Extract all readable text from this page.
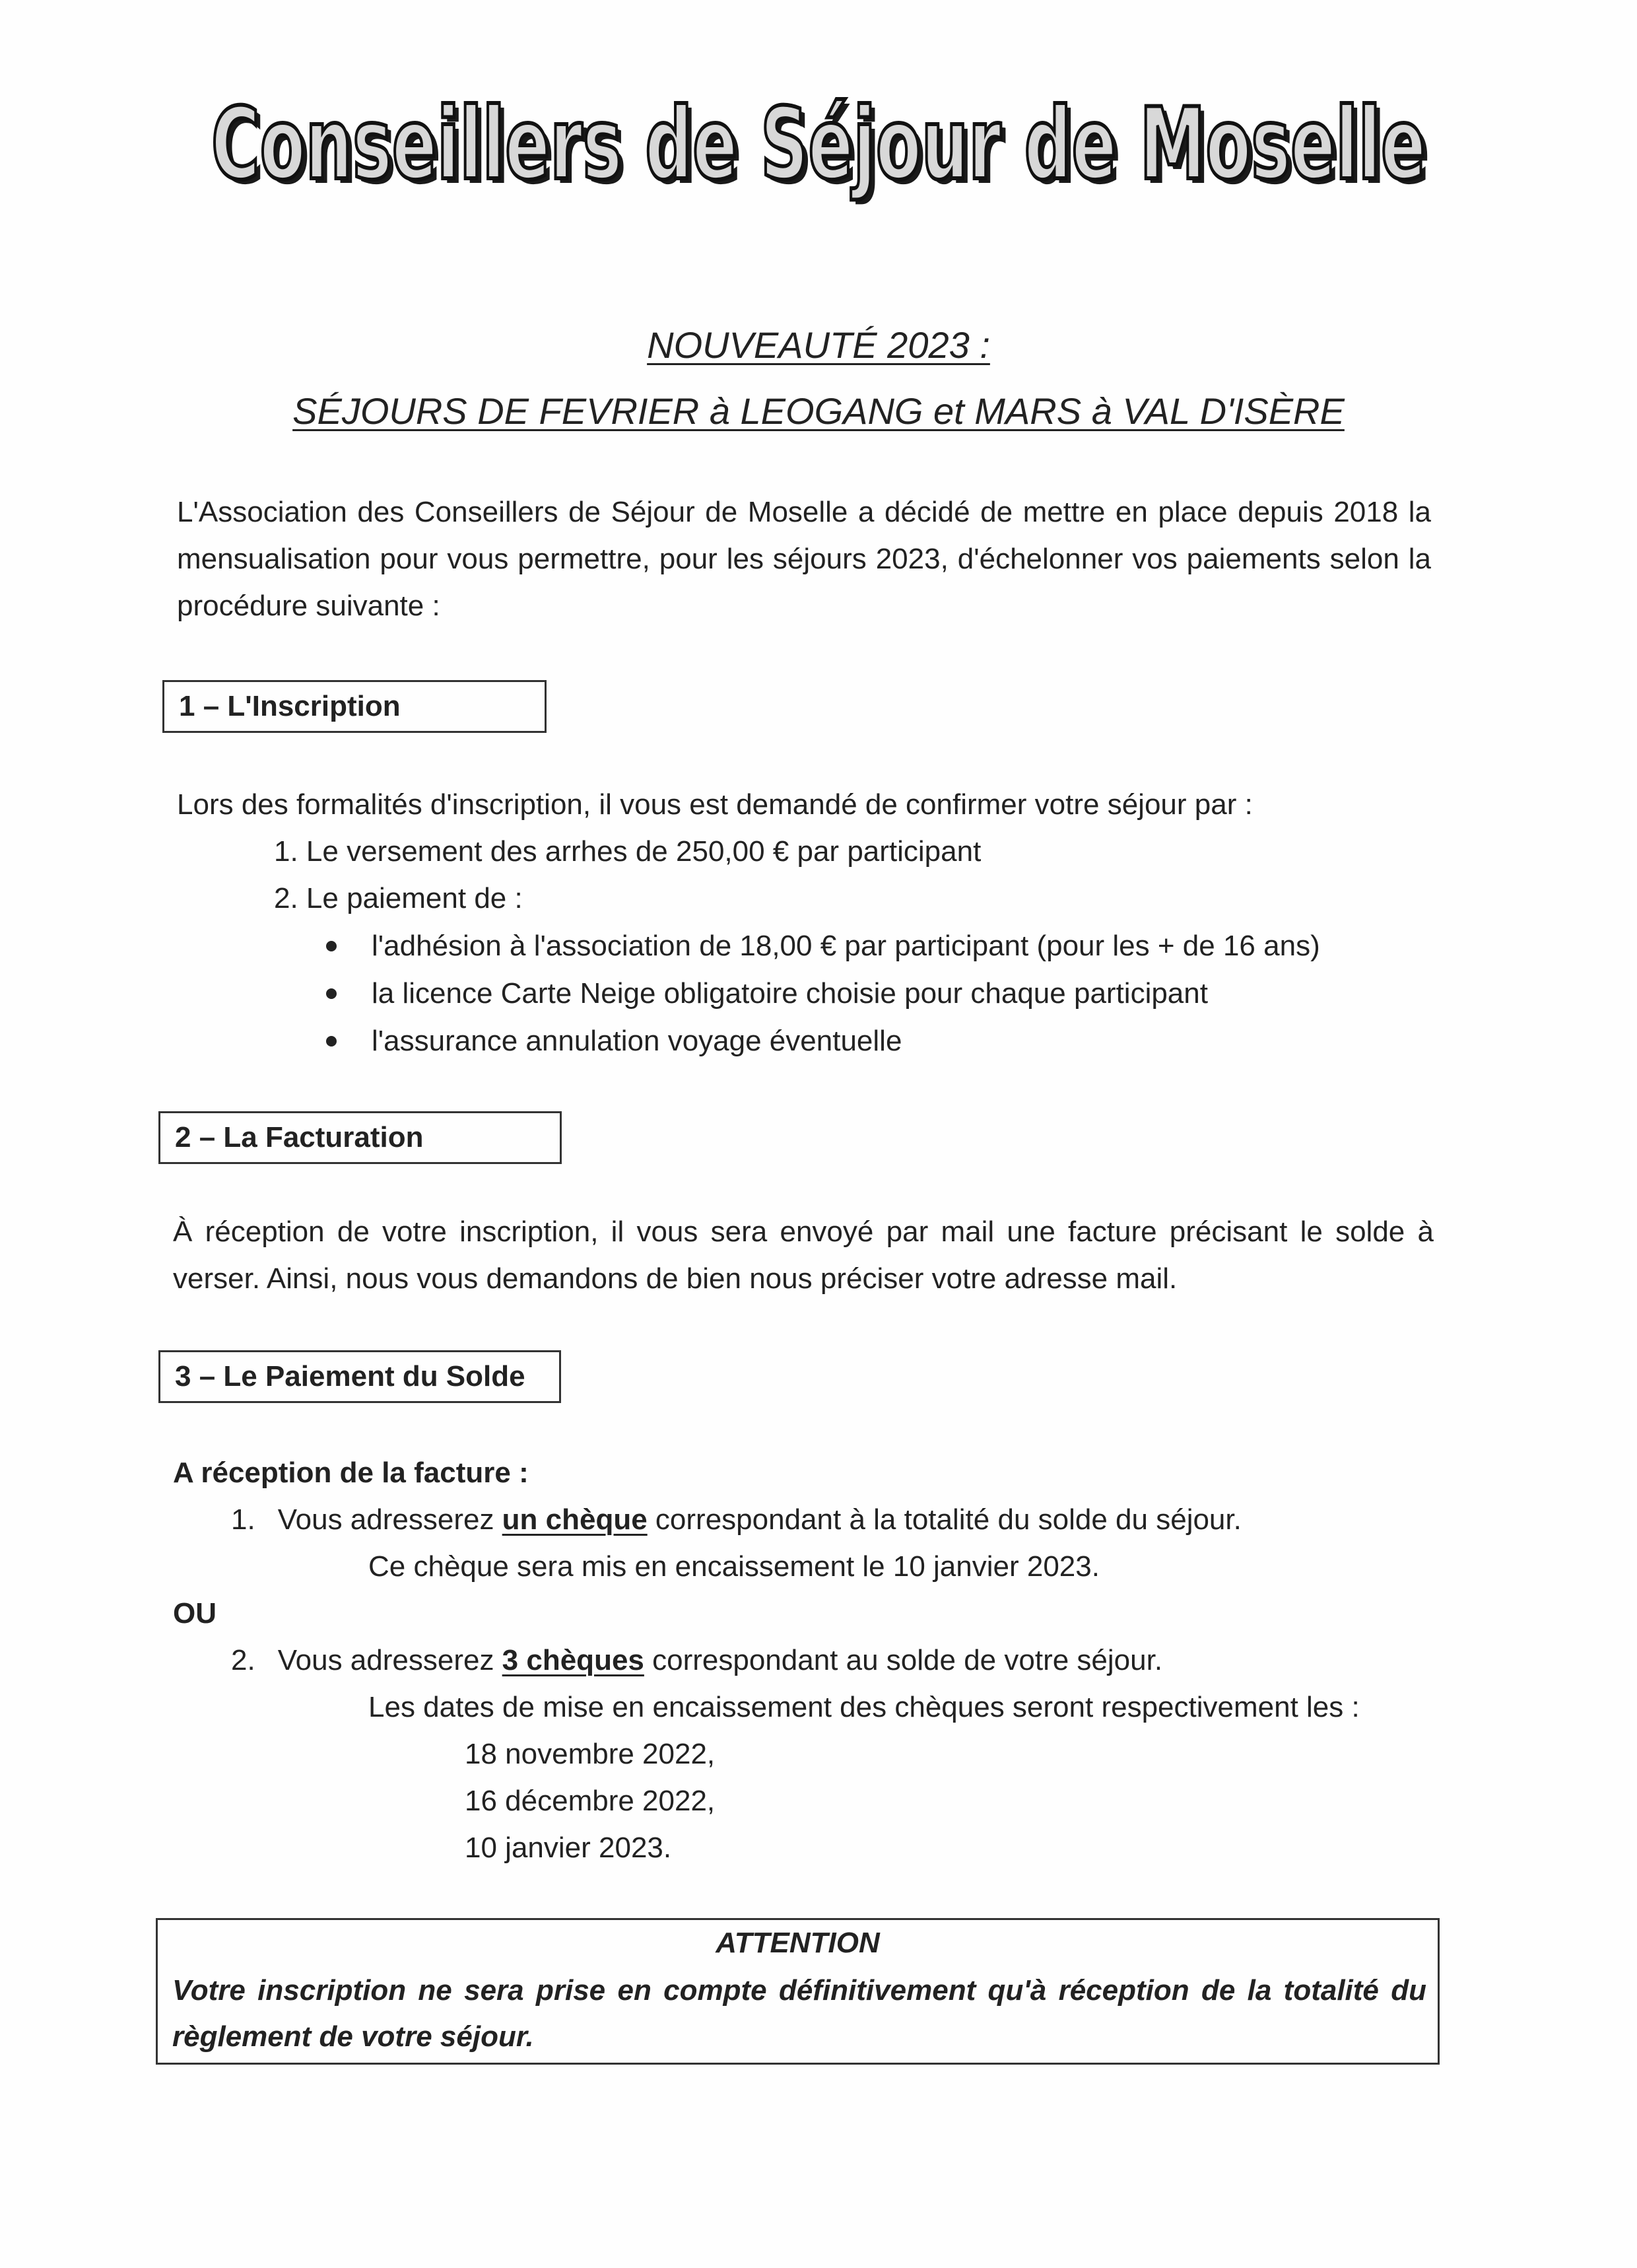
Conseillers de Séjour de Moselle
Conseillers de Séjour de Moselle
NOUVEAUTÉ 2023 :
SÉJOURS DE FEVRIER à LEOGANG et MARS à VAL D'ISÈRE

L'Association des Conseillers de Séjour de Moselle a décidé de mettre en place depuis 2018 la mensualisation pour vous permettre, pour les séjours 2023, d'échelonner vos paiements selon la procédure suivante :

1 – L'Inscription
Lors des formalités d'inscription, il vous est demandé de confirmer votre séjour par :
1. Le versement des arrhes de 250,00 € par participant
2. Le paiement de :
l'adhésion à l'association de 18,00 € par participant (pour les + de 16 ans)
la licence Carte Neige obligatoire choisie pour chaque participant
l'assurance annulation voyage éventuelle
2 – La Facturation

À réception de votre inscription, il vous sera envoyé par mail une facture précisant le solde à verser. Ainsi, nous vous demandons de bien nous préciser votre adresse mail.

3 – Le Paiement du Solde
A réception de la facture :
1. Vous adresserez un chèque correspondant à la totalité du solde du séjour.
Ce chèque sera mis en encaissement le 10 janvier 2023.
OU
2. Vous adresserez 3 chèques correspondant au solde de votre séjour.
Les dates de mise en encaissement des chèques seront respectivement les :
18 novembre 2022,
16 décembre 2022,
10 janvier 2023.
ATTENTION

Votre inscription ne sera prise en compte définitivement qu'à réception de la totalité du règlement de votre séjour.
